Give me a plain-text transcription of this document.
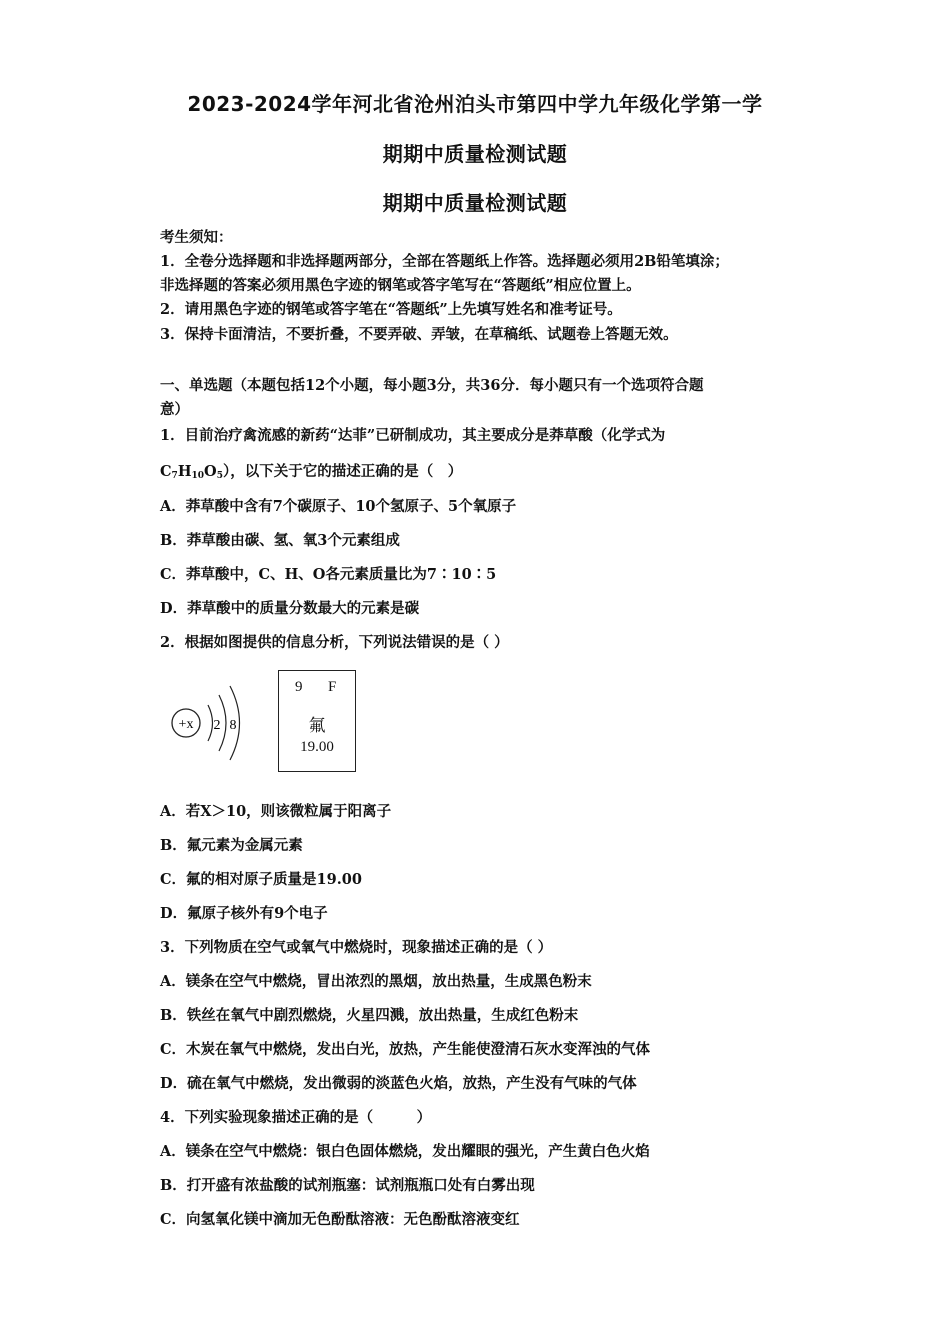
2023-2024学年河北省沧州泊头市第四中学九年级化学第一学
期期中质量检测试题
期期中质量检测试题
考生须知：
1．全卷分选择题和非选择题两部分，全部在答题纸上作答。选择题必须用2B铅笔填涂；
非选择题的答案必须用黑色字迹的钢笔或答字笔写在“答题纸”相应位置上。
2．请用黑色字迹的钢笔或答字笔在“答题纸”上先填写姓名和准考证号。
3．保持卡面清洁，不要折叠，不要弄破、弄皱，在草稿纸、试题卷上答题无效。
一、单选题（本题包括12个小题，每小题3分，共36分．每小题只有一个选项符合题
意）
1．目前治疗禽流感的新药“达菲”已研制成功，其主要成分是莽草酸（化学式为
$C_7H_{10}O_5$），以下关于它的描述正确的是（　）
A．莽草酸中含有7个碳原子、10个氢原子、5个氧原子
B．莽草酸由碳、氢、氧3个元素组成
C．莽草酸中，C、H、O各元素质量比为7∶10∶5
D．莽草酸中的质量分数最大的元素是碳
2．根据如图提供的信息分析，下列说法错误的是（ ）
+x 2 8
9 F
氟
19.00
A．若X＞10，则该微粒属于阳离子
B．氟元素为金属元素
C．氟的相对原子质量是19.00
D．氟原子核外有9个电子
3．下列物质在空气或氧气中燃烧时，现象描述正确的是（ ）
A．镁条在空气中燃烧，冒出浓烈的黑烟，放出热量，生成黑色粉末
B．铁丝在氧气中剧烈燃烧，火星四溅，放出热量，生成红色粉末
C．木炭在氧气中燃烧，发出白光，放热，产生能使澄清石灰水变浑浊的气体
D．硫在氧气中燃烧，发出微弱的淡蓝色火焰，放热，产生没有气味的气体
4．下列实验现象描述正确的是（　　　）
A．镁条在空气中燃烧：银白色固体燃烧，发出耀眼的强光，产生黄白色火焰
B．打开盛有浓盐酸的试剂瓶塞：试剂瓶瓶口处有白雾出现
C．向氢氧化镁中滴加无色酚酞溶液：无色酚酞溶液变红
